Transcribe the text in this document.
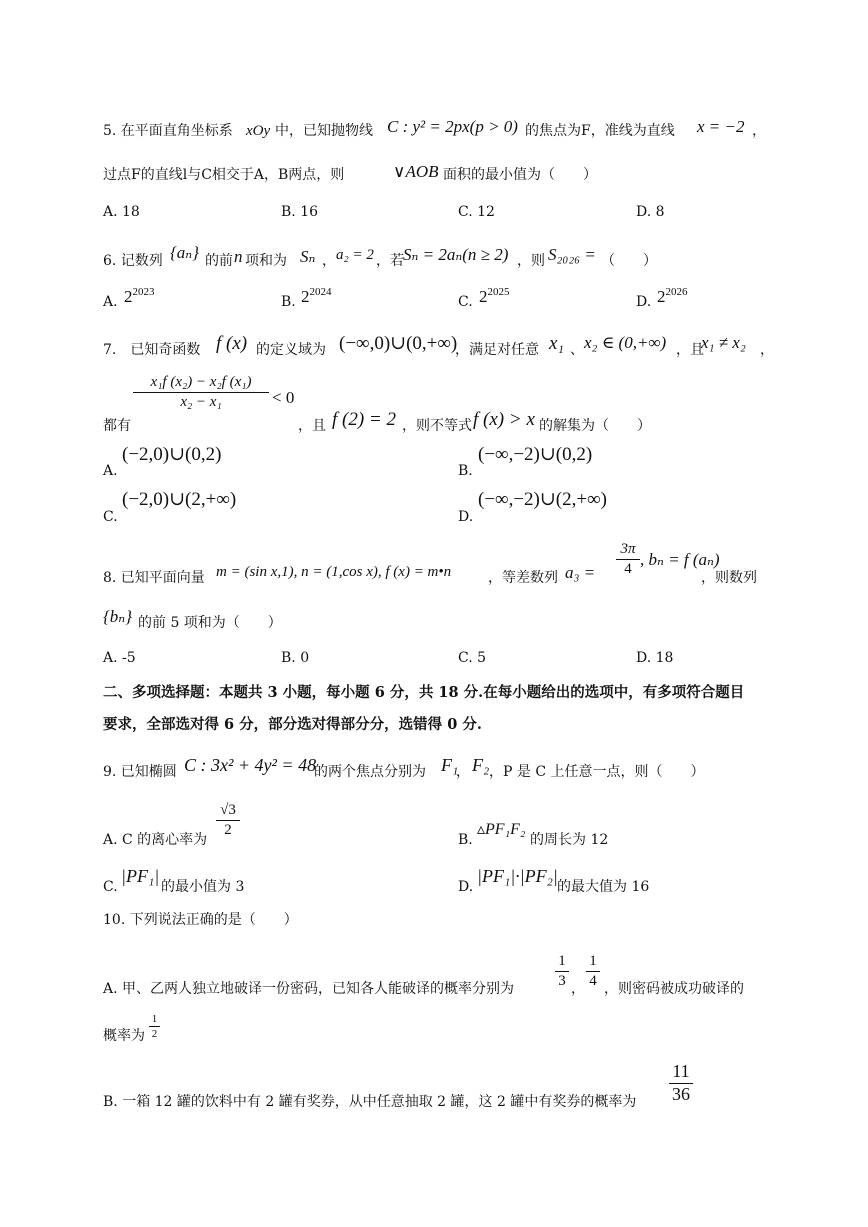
5. 在平面直角坐标系 xOy 中，已知抛物线 C : y² = 2px(p > 0) 的焦点为F，准线为直线 x = −2 ，
过点F的直线l与C相交于A，B两点，则	∨AOB 面积的最小值为（　　）
A. 18	B. 16	C. 12	D. 8
6. 记数列 {aₙ} 的前 n 项和为 Sₙ ， a₂ = 2 ，若 Sₙ = 2aₙ(n ≥ 2) ，则 S₂₀₂₆ = （　　）
A. $2^{2023}$
B. $2^{2024}$
C. $2^{2025}$
D. $2^{2026}$
7.　已知奇函数 f (x) 的定义域为 (−∞,0)∪(0,+∞)
，满足对任意 x₁ 、 x₂ ∈ (0,+∞) ，且
x₁ ≠ x₂ ，
都有
x₁f (x₂) − x₂f (x₁)
x₂ − x₁	< 0
，且 f (2) = 2 ，则不等式 f (x) > x 的解集为（　　）
A.
(−2,0)∪(0,2)
B.
(−∞,−2)∪(0,2)
C.
(−2,0)∪(2,+∞)
D.
(−∞,−2)∪(2,+∞)
8. 已知平面向量 m = (sin x,1), n = (1,cos x), f (x) = m•n	，等差数列 a₃ =
3π
4 , bₙ = f (aₙ)
，则数列
{bₙ} 的前 5 项和为（　　）
A. -5	B. 0	C. 5	D. 18
二、多项选择题：本题共 3 小题，每小题 6 分，共 18 分.在每小题给出的选项中，有多项符合题目
要求，全部选对得 6 分，部分选对得部分分，选错得 0 分.
9. 已知椭圆 C : 3x² + 4y² = 48
的两个焦点分别为 F₁
， F₂ ，P 是 C 上任意一点，则（　　）
A. C 的离心率为
√3
2
B.
▵PF₁F₂
的周长为 12
C.
|PF₁|
的最小值为 3	D.
|PF₁|·|PF₂|
的最大值为 16
10. 下列说法正确的是（　　）
A. 甲、乙两人独立地破译一份密码，已知各人能破译的概率分别为
1
3
，
1
4
，则密码被成功破译的
概率为
1
2
B. 一箱 12 罐的饮料中有 2 罐有奖券，从中任意抽取 2 罐，这 2 罐中有奖券的概率为
11
36
